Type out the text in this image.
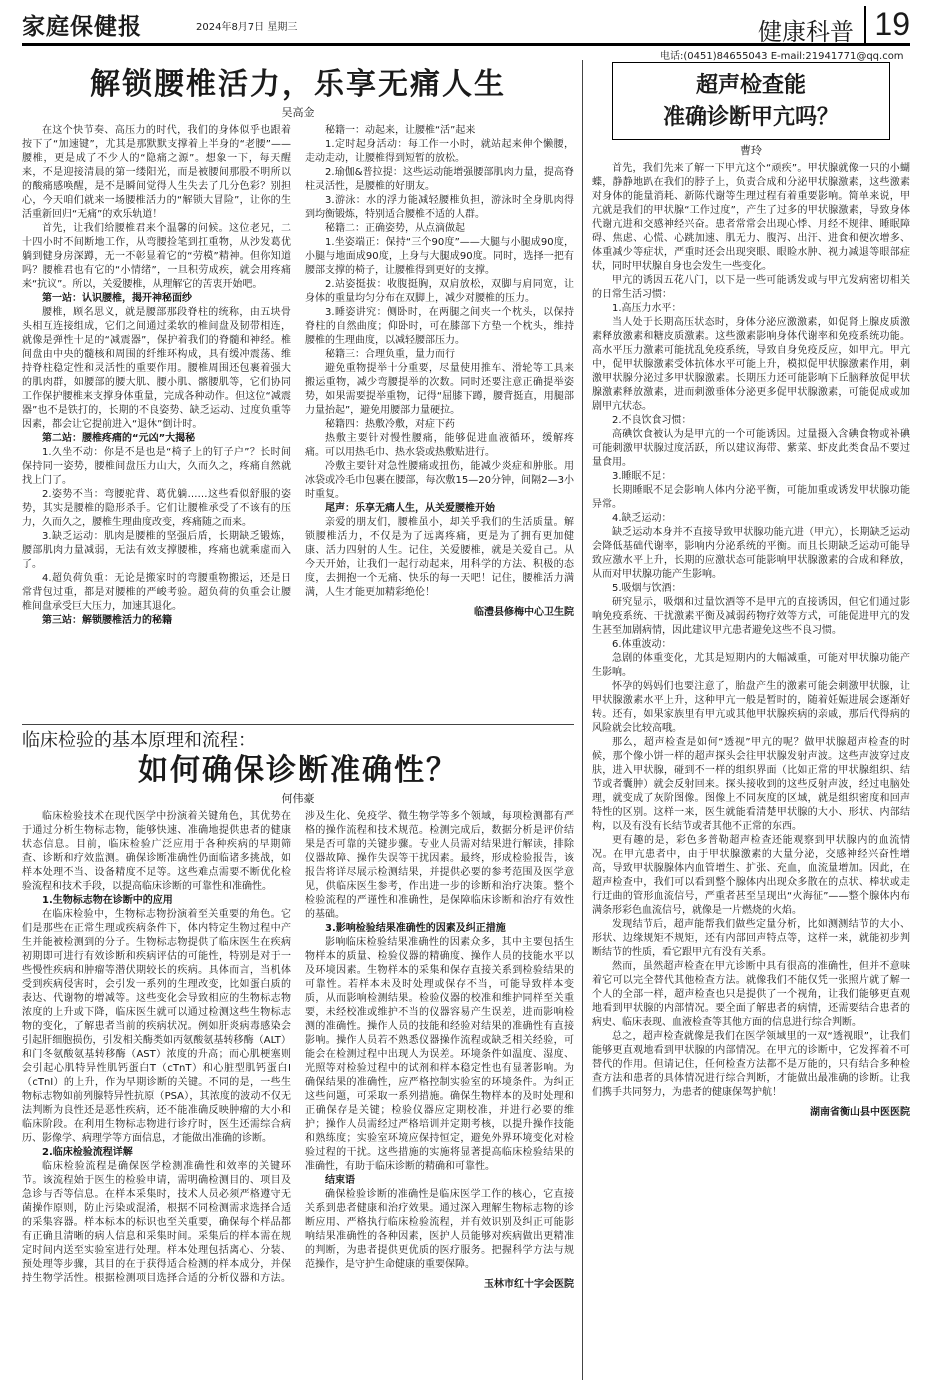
家庭保健报	2024年8月7日 星期三	健康科普 19
电话:(0451)84655043 E-mail:21941771@qq.com
解锁腰椎活力，乐享无痛人生
吴高金

在这个快节奏、高压力的时代，我们的身体似乎也跟着按下了“加速键”，尤其是那默默支撑着上半身的“老腰”——腰椎，更是成了不少人的“隐痛之源”。想象一下，每天醒来，不是迎接清晨的第一缕阳光，而是被腰间那股不明所以的酸痛感唤醒，是不是瞬间觉得人生失去了几分色彩？别担心，今天咱们就来一场腰椎活力的“解锁大冒险”，让你的生活重新回归“无痛”的欢乐轨道！

首先，让我们给腰椎君来个温馨的问候。这位老兄，二十四小时不间断地工作，从弯腰捡笔到扛重物，从沙发葛优躺到健身房深蹲，无一不彰显着它的“劳模”精神。但你知道吗？腰椎君也有它的“小情绪”，一旦积劳成疾，就会用疼痛来“抗议”。所以，关爱腰椎，从理解它的苦衷开始吧。

第一站：认识腰椎，揭开神秘面纱

腰椎，顾名思义，就是腰部那段脊柱的统称，由五块骨头相互连接组成，它们之间通过柔软的椎间盘及韧带相连，就像是弹性十足的“减震器”，保护着我们的脊髓和神经。椎间盘由中央的髓核和周围的纤维环构成，具有缓冲震荡、维持脊柱稳定性和灵活性的重要作用。腰椎周围还包裹着强大的肌肉群，如腰部的腰大肌、腰小肌、髂腰肌等，它们协同工作保护腰椎来支撑身体重量，完成各种动作。但这位“减震器”也不是铁打的，长期的不良姿势、缺乏运动、过度负重等因素，都会让它提前进入“退休”倒计时。

第二站：腰椎疼痛的“元凶”大揭秘

1.久坐不动：你是不是也是“椅子上的钉子户”？长时间保持同一姿势，腰椎间盘压力山大，久而久之，疼痛自然就找上门了。

2.姿势不当：弯腰驼背、葛优躺……这些看似舒服的姿势，其实是腰椎的隐形杀手。它们让腰椎承受了不该有的压力，久而久之，腰椎生理曲度改变，疼痛随之而来。

3.缺乏运动：肌肉是腰椎的坚强后盾，长期缺乏锻炼，腰部肌肉力量减弱，无法有效支撑腰椎，疼痛也就乘虚而入了。

4.超负荷负重：无论是搬家时的弯腰重物搬运，还是日常背包过重，都是对腰椎的严峻考验。超负荷的负重会让腰椎间盘承受巨大压力，加速其退化。

第三站：解锁腰椎活力的秘籍

秘籍一：动起来，让腰椎“活”起来

1.定时起身活动：每工作一小时，就站起来伸个懒腰，走动走动，让腰椎得到短暂的放松。

2.瑜伽&普拉提：这些运动能增强腰部肌肉力量，提高脊柱灵活性，是腰椎的好朋友。

3.游泳：水的浮力能减轻腰椎负担，游泳时全身肌肉得到均衡锻炼，特别适合腰椎不适的人群。

秘籍二：正确姿势，从点滴做起

1.坐姿端正：保持“三个90度”——大腿与小腿成90度，小腿与地面成90度，上身与大腿成90度。同时，选择一把有腰部支撑的椅子，让腰椎得到更好的支撑。

2.站姿挺拔：收腹挺胸，双肩放松，双脚与肩同宽，让身体的重量均匀分布在双脚上，减少对腰椎的压力。

3.睡姿讲究：侧卧时，在两腿之间夹一个枕头，以保持脊柱的自然曲度；仰卧时，可在膝部下方垫一个枕头，维持腰椎的生理曲度，以减轻腰部压力。

秘籍三：合理负重，量力而行

避免重物提举十分重要，尽量使用推车、滑轮等工具来搬运重物，减少弯腰提举的次数。同时还要注意正确提举姿势，如果需要提举重物，记得“屈膝下蹲，腰背挺直，用腿部力量抬起”，避免用腰部力量硬拉。

秘籍四：热敷冷敷，对症下药

热敷主要针对慢性腰痛，能够促进血液循环，缓解疼痛。可以用热毛巾、热水袋或热敷贴进行。

冷敷主要针对急性腰痛或扭伤，能减少炎症和肿胀。用冰袋或冷毛巾包裹在腰部，每次敷15—20分钟，间隔2—3小时重复。

尾声：乐享无痛人生，从关爱腰椎开始

亲爱的朋友们，腰椎虽小，却关乎我们的生活质量。解锁腰椎活力，不仅是为了远离疼痛，更是为了拥有更加健康、活力四射的人生。记住，关爱腰椎，就是关爱自己。从今天开始，让我们一起行动起来，用科学的方法、积极的态度，去拥抱一个无痛、快乐的每一天吧！记住，腰椎活力满满，人生才能更加精彩绝伦！

临澧县修梅中心卫生院
临床检验的基本原理和流程：
如何确保诊断准确性？
何伟豪

临床检验技术在现代医学中扮演着关键角色，其优势在于通过分析生物标志物，能够快速、准确地提供患者的健康状态信息。目前，临床检验广泛应用于各种疾病的早期筛查、诊断和疗效监测。确保诊断准确性仍面临诸多挑战，如样本处理不当、设备精度不足等。这些难点需要不断优化检验流程和技术手段，以提高临床诊断的可靠性和准确性。

1.生物标志物在诊断中的应用

在临床检验中，生物标志物扮演着至关重要的角色。它们是那些在正常生理或疾病条件下，体内特定生物过程中产生并能被检测到的分子。生物标志物提供了临床医生在疾病初期即可进行有效诊断和疾病评估的可能性，特别是对于一些慢性疾病和肿瘤等潜伏期较长的疾病。具体而言，当机体受到疾病侵害时，会引发一系列的生理改变，比如蛋白质的表达、代谢物的增减等。这些变化会导致相应的生物标志物浓度的上升或下降，临床医生就可以通过检测这些生物标志物的变化，了解患者当前的疾病状况。例如肝炎病毒感染会引起肝细胞损伤，引发相关酶类如丙氨酸氨基转移酶（ALT）和门冬氨酸氨基转移酶（AST）浓度的升高；而心肌梗塞则会引起心肌特异性肌钙蛋白T（cTnT）和心脏型肌钙蛋白I（cTnI）的上升，作为早期诊断的关键。不同的是，一些生物标志物如前列腺特异性抗原（PSA），其浓度的波动不仅无法判断为良性还是恶性疾病，还不能准确反映肿瘤的大小和临床阶段。在利用生物标志物进行诊疗时，医生还需综合病历、影像学、病理学等方面信息，才能做出准确的诊断。

2.临床检验流程详解

临床检验流程是确保医学检测准确性和效率的关键环节。该流程始于医生的检验申请，需明确检测目的、项目及急诊与否等信息。在样本采集时，技术人员必须严格遵守无菌操作原则，防止污染或混淆，根据不同检测需求选择合适的采集容器。样本标本的标识也至关重要，确保每个样品都有正确且清晰的病人信息和采集时间。采集后的样本需在规定时间内送至实验室进行处理。样本处理包括离心、分装、预处理等步骤，其目的在于获得适合检测的样本成分，并保持生物学活性。根据检测项目选择合适的分析仪器和方法。涉及生化、免疫学、微生物学等多个领域，每项检测都有严格的操作流程和技术规范。检测完成后，数据分析是评价结果是否可靠的关键步骤。专业人员需对结果进行解读，排除仪器故障、操作失误等干扰因素。最终，形成检验报告，该报告将详尽展示检测结果，并提供必要的参考范围及医学意见，供临床医生参考，作出进一步的诊断和治疗决策。整个检验流程的严谨性和准确性，是保障临床诊断和治疗有效性的基础。

3.影响检验结果准确性的因素及纠正措施

影响临床检验结果准确性的因素众多，其中主要包括生物样本的质量、检验仪器的精确度、操作人员的技能水平以及环境因素。生物样本的采集和保存直接关系到检验结果的可靠性。若样本未及时处理或保存不当，可能导致样本变质，从而影响检测结果。检验仪器的校准和维护同样至关重要，未经校准或维护不当的仪器容易产生误差，进而影响检测的准确性。操作人员的技能和经验对结果的准确性有直接影响。操作人员若不熟悉仪器操作流程或缺乏相关经验，可能会在检测过程中出现人为误差。环境条件如温度、湿度、光照等对检验过程中的试剂和样本稳定性也有显著影响。为确保结果的准确性，应严格控制实验室的环境条件。为纠正这些问题，可采取一系列措施。确保生物样本的及时处理和正确保存是关键；检验仪器应定期校准，并进行必要的维护；操作人员需经过严格培训并定期考核，以提升操作技能和熟练度；实验室环境应保持恒定，避免外界环境变化对检验过程的干扰。这些措施的实施将显著提高临床检验结果的准确性，有助于临床诊断的精确和可靠性。

结束语

确保检验诊断的准确性是临床医学工作的核心，它直接关系到患者健康和治疗效果。通过深入理解生物标志物的诊断应用、严格执行临床检验流程，并有效识别及纠正可能影响结果准确性的各种因素，医护人员能够对疾病做出更精准的判断，为患者提供更优质的医疗服务。把握科学方法与规范操作，是守护生命健康的重要保障。

玉林市红十字会医院
超声检查能
准确诊断甲亢吗？
曹玲

首先，我们先来了解一下甲亢这个“顽疾”。甲状腺就像一只的小蝴蝶，静静地趴在我们的脖子上，负责合成和分泌甲状腺激素，这些激素对身体的能量消耗、新陈代谢等生理过程有着重要影响。简单来说，甲亢就是我们的甲状腺“工作过度”，产生了过多的甲状腺激素，导致身体代谢亢进和交感神经兴奋。患者常常会出现心悸、月经不规律、睡眠障碍、焦虑、心慌、心跳加速、肌无力、腹泻、出汗、进食和便次增多、体重减少等症状，严重时还会出现突眼、眼睑水肿、视力减退等眼部症状，同时甲状腺自身也会发生一些变化。

甲亢的诱因五花八门，以下是一些可能诱发或与甲亢发病密切相关的日常生活习惯：

1.高压力水平：

当人处于长期高压状态时，身体分泌应激激素，如促肾上腺皮质激素释放激素和糖皮质激素。这些激素影响身体代谢率和免疫系统功能。高水平压力激素可能扰乱免疫系统，导致自身免疫反应，如甲亢。甲亢中，促甲状腺激素受体抗体水平可能上升，模拟促甲状腺激素作用，刺激甲状腺分泌过多甲状腺激素。长期压力还可能影响下丘脑释放促甲状腺激素释放激素，进而刺激垂体分泌更多促甲状腺激素，可能促成或加剧甲亢状态。

2.不良饮食习惯：

高碘饮食被认为是甲亢的一个可能诱因。过量摄入含碘食物或补碘可能刺激甲状腺过度活跃，所以建议海带、紫菜、虾皮此类食品不要过量食用。

3.睡眠不足：

长期睡眠不足会影响人体内分泌平衡，可能加重或诱发甲状腺功能异常。

4.缺乏运动：

缺乏运动本身并不直接导致甲状腺功能亢进（甲亢），长期缺乏运动会降低基础代谢率，影响内分泌系统的平衡。而且长期缺乏运动可能导致应激水平上升，长期的应激状态可能影响甲状腺激素的合成和释放，从而对甲状腺功能产生影响。

5.吸烟与饮酒：

研究显示，吸烟和过量饮酒等不是甲亢的直接诱因，但它们通过影响免疫系统、干扰激素平衡及减弱药物疗效等方式，可能促进甲亢的发生甚至加剧病情，因此建议甲亢患者避免这些不良习惯。

6.体重波动：

急剧的体重变化，尤其是短期内的大幅减重，可能对甲状腺功能产生影响。

怀孕的妈妈们也要注意了，胎盘产生的激素可能会刺激甲状腺，让甲状腺激素水平上升，这种甲亢一般是暂时的，随着妊娠进展会逐渐好转。还有，如果家族里有甲亢或其他甲状腺疾病的亲戚，那后代得病的风险就会比较高哦。

那么，超声检查是如何“透视”甲亢的呢？做甲状腺超声检查的时候，那个像小饼一样的超声探头会往甲状腺发射声波。这些声波穿过皮肤，进入甲状腺，碰到不一样的组织界面（比如正常的甲状腺组织、结节或者囊肿）就会反射回来。探头接收到的这些反射声波，经过电脑处理，就变成了灰阶图像。图像上不同灰度的区域，就是组织密度和回声特性的区别。这样一来，医生就能看清楚甲状腺的大小、形状、内部结构，以及有没有长结节或者其他不正常的东西。

更有趣的是，彩色多普勒超声检查还能观察到甲状腺内的血流情况。在甲亢患者中，由于甲状腺激素的大量分泌，交感神经兴奋性增高，导致甲状腺腺体内血管增生、扩张、充血，血流量增加。因此，在超声检查中，我们可以看到整个腺体内出现众多散在的点状、棒状或走行迂曲的管形血流信号，严重者甚至呈现出“火海征”——整个腺体内布满条形彩色血流信号，就像是一片燃烧的火焰。

发现结节后，超声能帮我们做些定量分析，比如测测结节的大小、形状、边缘规矩不规矩，还有内部回声特点等，这样一来，就能初步判断结节的性质，看它跟甲亢有没有关系。

然而，虽然超声检查在甲亢诊断中具有很高的准确性，但并不意味着它可以完全替代其他检查方法。就像我们不能仅凭一张照片就了解一个人的全部一样，超声检查也只是提供了一个视角，让我们能够更直观地看到甲状腺的内部情况。要全面了解患者的病情，还需要结合患者的病史、临床表现、血液检查等其他方面的信息进行综合判断。

总之，超声检查就像是我们在医学领域里的一双“透视眼”，让我们能够更直观地看到甲状腺的内部情况。在甲亢的诊断中，它发挥着不可替代的作用。但请记住，任何检查方法都不是万能的，只有结合多种检查方法和患者的具体情况进行综合判断，才能做出最准确的诊断。让我们携手共同努力，为患者的健康保驾护航！

湖南省衡山县中医医院
